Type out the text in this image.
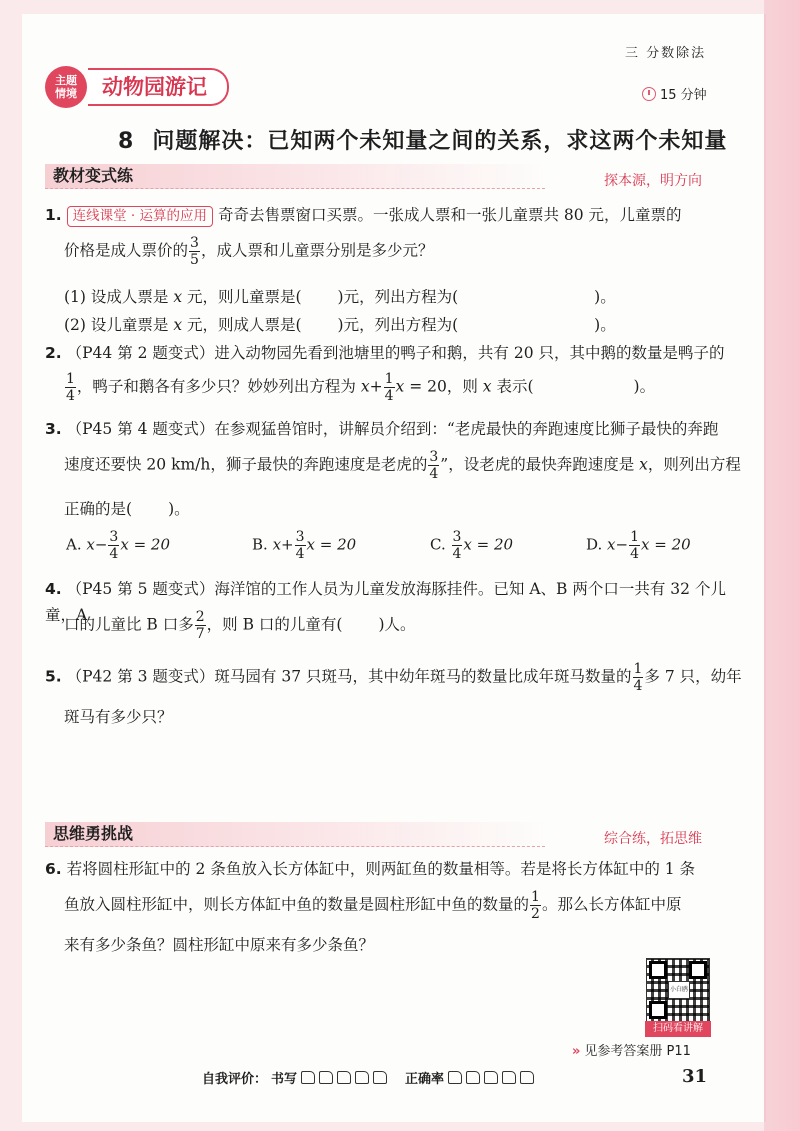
三 分数除法
主题
情境	动物园游记	15 分钟
8 问题解决：已知两个未知量之间的关系，求这两个未知量
教材变式练	探本源，明方向
1. 连线课堂 · 运算的应用 奇奇去售票窗口买票。一张成人票和一张儿童票共 80 元，儿童票的
价格是成人票价的 $\frac{3}{5}$ ，成人票和儿童票分别是多少元？
(1) 设成人票是 x 元，则儿童票是( )元，列出方程为(	)。
(2) 设儿童票是 x 元，则成人票是( )元，列出方程为(	)。
2. （P44 第 2 题变式）进入动物园先看到池塘里的鸭子和鹅，共有 20 只，其中鹅的数量是鸭子的
$\frac{1}{4}$ ，鸭子和鹅各有多少只？妙妙列出方程为 $x+ \frac{1}{4}$ x = 20，则 x 表示(	)。
3. （P45 第 4 题变式）在参观猛兽馆时，讲解员介绍到：“老虎最快的奔跑速度比狮子最快的奔跑
速度还要快 20 km/h，狮子最快的奔跑速度是老虎的 $\frac{3}{4}$ ”，设老虎的最快奔跑速度是 x，则列出方程
正确的是( )。
A. $x- \frac{3}{4}$ x = 20	B. $x+ \frac{3}{4}$ x = 20	C. $\frac{3}{4}$ x = 20	D. $x- \frac{1}{4}$ x = 20
4. （P45 第 5 题变式）海洋馆的工作人员为儿童发放海豚挂件。已知 A、B 两个口一共有 32 个儿童，A
口的儿童比 B 口多 $\frac{2}{7}$ ，则 B 口的儿童有( )人。
5. （P42 第 3 题变式）斑马园有 37 只斑马，其中幼年斑马的数量比成年斑马数量的 $\frac{1}{4}$ 多 7 只，幼年
斑马有多少只？
思维勇挑战	综合练，拓思维
6. 若将圆柱形缸中的 2 条鱼放入长方体缸中，则两缸鱼的数量相等。若是将长方体缸中的 1 条
鱼放入圆柱形缸中，则长方体缸中鱼的数量是圆柱形缸中鱼的数量的 $\frac{1}{2}$ 。那么长方体缸中原
来有多少条鱼？圆柱形缸中原来有多少条鱼？
小白鸥
扫码看讲解
» 见参考答案册 P11
自我评价： 书写	正确率	31
